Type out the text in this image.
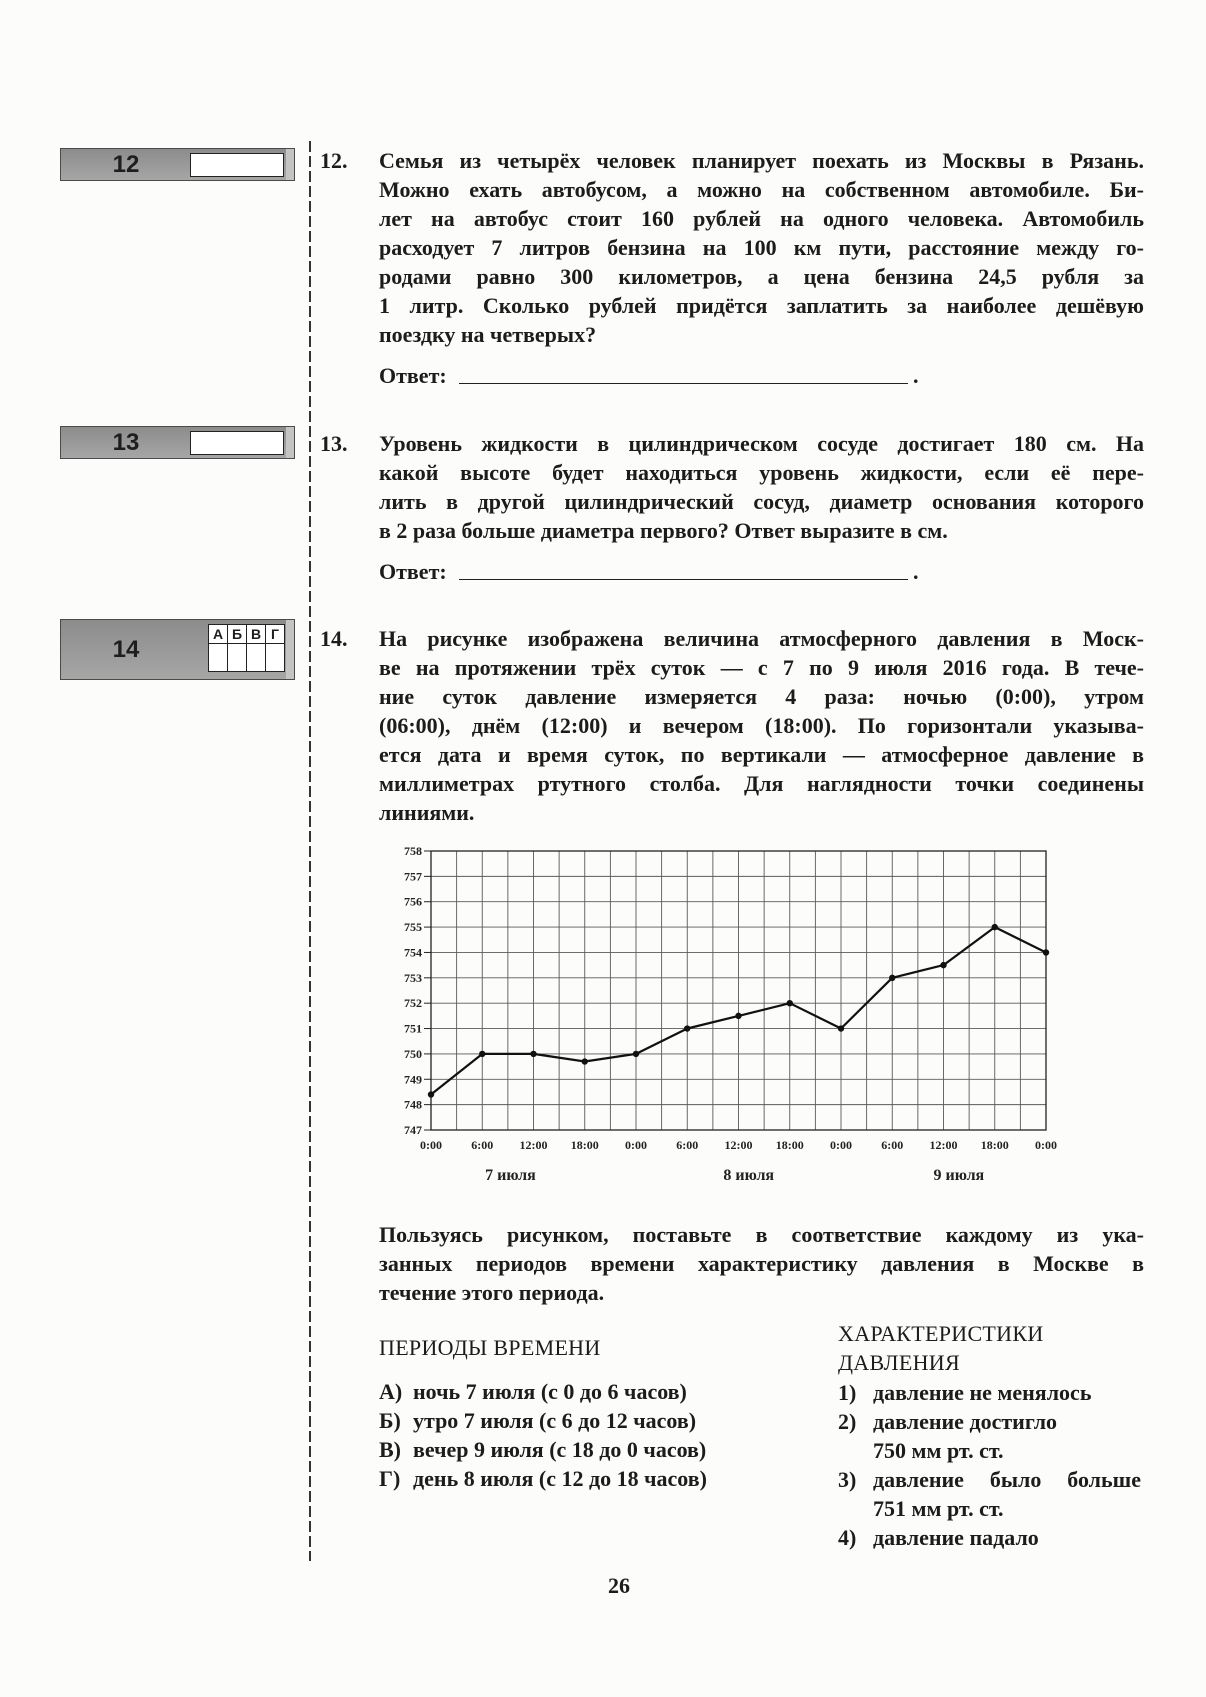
12	12. Семья из четырёх человек планирует поехать из Москвы в Рязань.
Можно ехать автобусом, а можно на собственном автомобиле. Би-
лет на автобус стоит 160 рублей на одного человека. Автомобиль
расходует 7 литров бензина на 100 км пути, расстояние между го-
родами равно 300 километров, а цена бензина 24,5 рубля за
1 литр. Сколько рублей придётся заплатить за наиболее дешёвую
поездку на четверых?
Ответ:	.
13	13. Уровень жидкости в цилиндрическом сосуде достигает 180 см. На
какой высоте будет находиться уровень жидкости, если её пере-
лить в другой цилиндрический сосуд, диаметр основания которого
в 2 раза больше диаметра первого? Ответ выразите в см.
Ответ:	.
14
А Б В Г 14. На рисунке изображена величина атмосферного давления в Моск-
ве на протяжении трёх суток — с 7 по 9 июля 2016 года. В тече-
ние суток давление измеряется 4 раза: ночью (0:00), утром
(06:00), днём (12:00) и вечером (18:00). По горизонтали указыва-
ется дата и время суток, по вертикали — атмосферное давление в
миллиметрах ртутного столба. Для наглядности точки соединены
линиями.
747
748
749
750
751
752
753
754
755
756
757
758
0:00 6:00 12:00 18:00 0:00 6:00 12:00 18:00 0:00 6:00 12:00 18:00 0:00
7 июля	8 июля	9 июля
Пользуясь рисунком, поставьте в соответствие каждому из ука-
занных периодов времени характеристику давления в Москве в
течение этого периода.
ПЕРИОДЫ ВРЕМЕНИ
ХАРАКТЕРИСТИКИ
ДАВЛЕНИЯ
А) ночь 7 июля (с 0 до 6 часов)
Б) утро 7 июля (с 6 до 12 часов)
В) вечер 9 июля (с 18 до 0 часов)
Г) день 8 июля (с 12 до 18 часов)
1) давление не менялось
2) давление достигло
750 мм рт. ст.
3) давление было больше
751 мм рт. ст.
4) давление падало
26
